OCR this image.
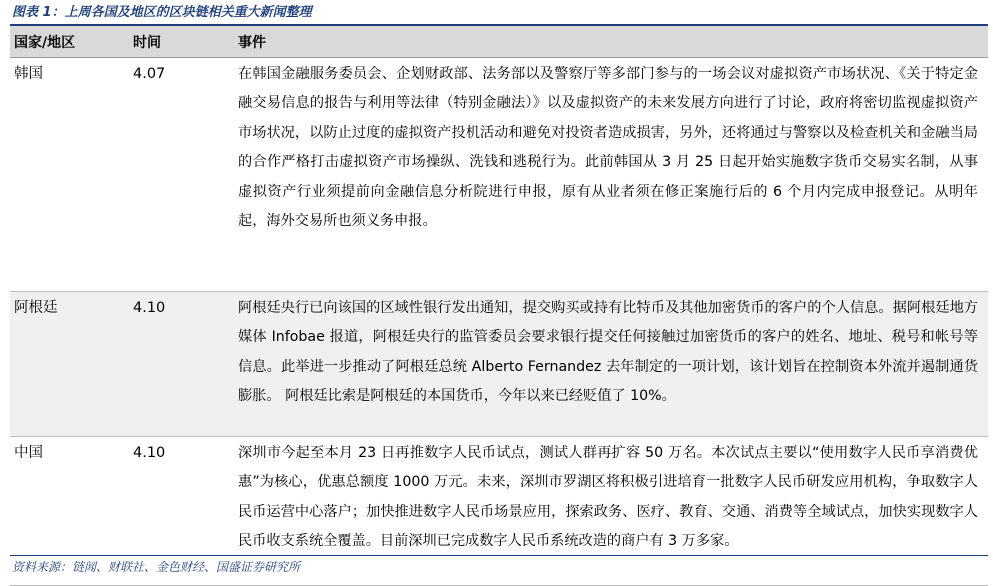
图表 1：上周各国及地区的区块链相关重大新闻整理
国家/地区	时间	事件
韩国	4.07	在韩国金融服务委员会、企划财政部、法务部以及警察厅等多部门参与的一场会议对虚拟资产市场状况、《关于特定金融交易信息的报告与利用等法律（特别金融法）》以及虚拟资产的未来发展方向进行了讨论，政府将密切监视虚拟资产市场状况，以防止过度的虚拟资产投机活动和避免对投资者造成损害，另外，还将通过与警察以及检查机关和金融当局的合作严格打击虚拟资产市场操纵、洗钱和逃税行为。此前韩国从 3 月 25 日起开始实施数字货币交易实名制，从事虚拟资产行业须提前向金融信息分析院进行申报，原有从业者须在修正案施行后的 6 个月内完成申报登记。从明年起，海外交易所也须义务申报。
阿根廷	4.10	阿根廷央行已向该国的区域性银行发出通知，提交购买或持有比特币及其他加密货币的客户的个人信息。据阿根廷地方媒体 Infobae 报道，阿根廷央行的监管委员会要求银行提交任何接触过加密货币的客户的姓名、地址、税号和帐号等信息。此举进一步推动了阿根廷总统 Alberto Fernandez 去年制定的一项计划，该计划旨在控制资本外流并遏制通货膨胀。 阿根廷比索是阿根廷的本国货币，今年以来已经贬值了 10%。
中国	4.10	深圳市今起至本月 23 日再推数字人民币试点，测试人群再扩容 50 万名。本次试点主要以“使用数字人民币享消费优惠”为核心，优惠总额度 1000 万元。未来，深圳市罗湖区将积极引进培育一批数字人民币研发应用机构，争取数字人民币运营中心落户；加快推进数字人民币场景应用，探索政务、医疗、教育、交通、消费等全域试点，加快实现数字人民币收支系统全覆盖。目前深圳已完成数字人民币系统改造的商户有 3 万多家。
资料来源：链闻、财联社、金色财经、国盛证券研究所
